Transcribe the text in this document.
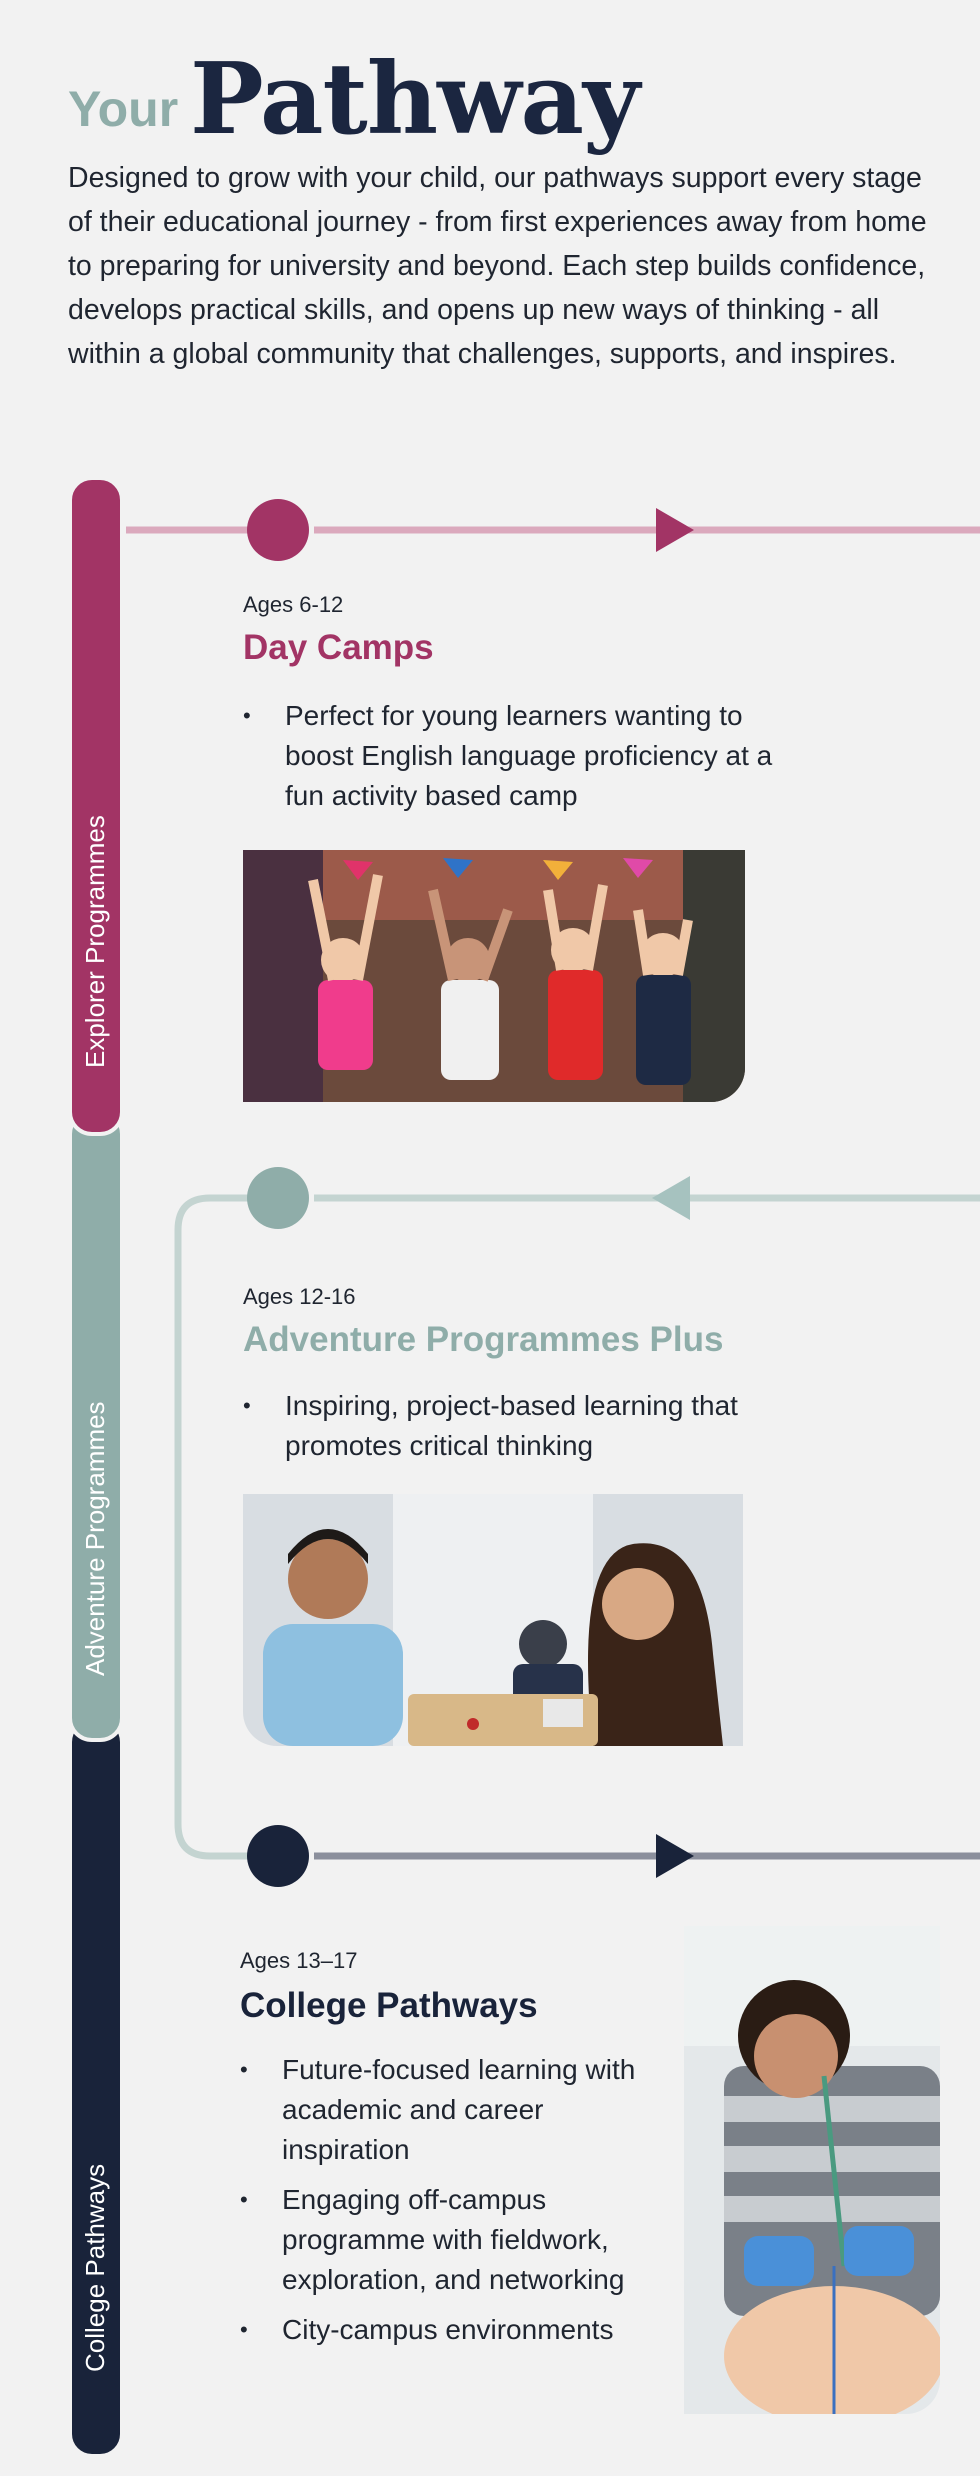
Your Pathway
Designed to grow with your child, our pathways support every stage of their educational journey - from first experiences away from home to preparing for university and beyond. Each step builds confidence, develops practical skills, and opens up new ways of thinking - all within a global community that challenges, supports, and inspires.
College Pathways
Adventure Programmes
Explorer Programmes
Ages 6-12
Day Camps
• Perfect for young learners wanting to boost English language proficiency at a fun activity based camp
Ages 12-16
Adventure Programmes Plus
• Inspiring, project-based learning that promotes critical thinking
Ages 13–17
College Pathways
• Future-focused learning with academic and career inspiration
• Engaging off-campus programme with fieldwork, exploration, and networking
• City-campus environments
